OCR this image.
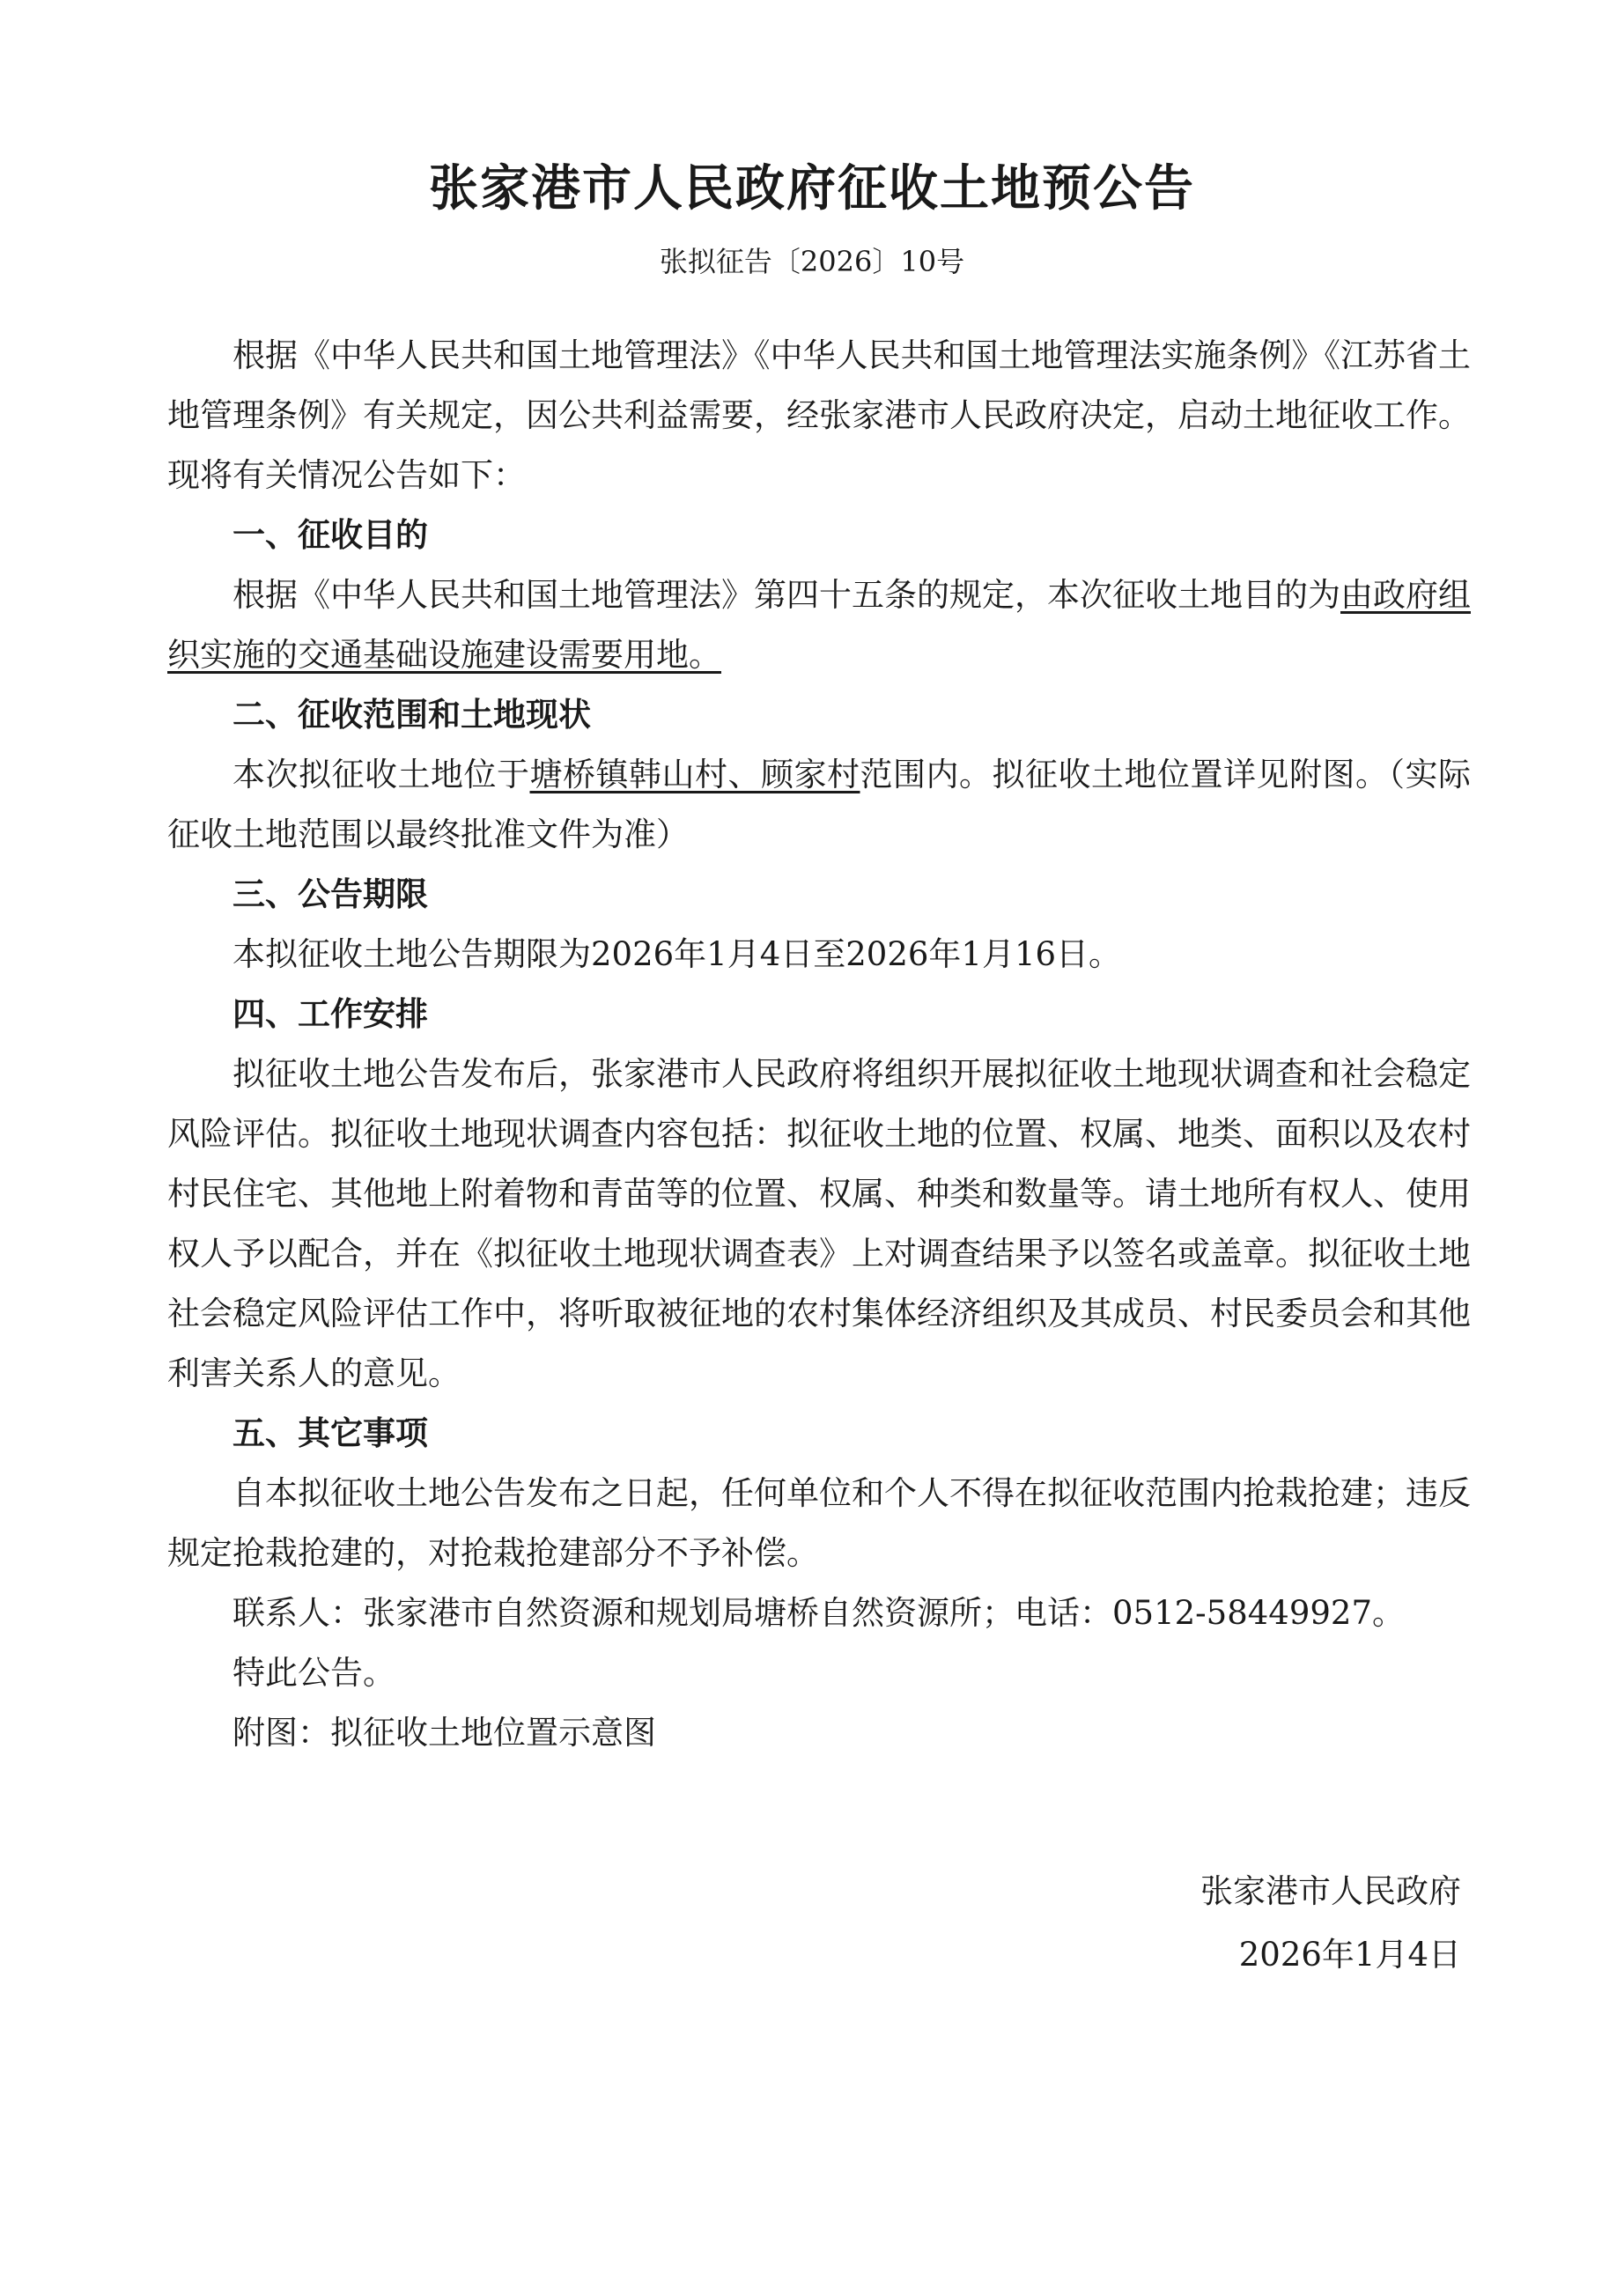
张家港市人民政府征收土地预公告
张拟征告〔2026〕10号

根据《中华人民共和国土地管理法》《中华人民共和国土地管理法实施条例》《江苏省土地管理条例》有关规定，因公共利益需要，经张家港市人民政府决定，启动土地征收工作。现将有关情况公告如下：

一、征收目的

根据《中华人民共和国土地管理法》第四十五条的规定，本次征收土地目的为由政府组织实施的交通基础设施建设需要用地。

二、征收范围和土地现状

本次拟征收土地位于塘桥镇韩山村、顾家村范围内。拟征收土地位置详见附图。（实际征收土地范围以最终批准文件为准）

三、公告期限

本拟征收土地公告期限为2026年1月4日至2026年1月16日。

四、工作安排

拟征收土地公告发布后，张家港市人民政府将组织开展拟征收土地现状调查和社会稳定风险评估。拟征收土地现状调查内容包括：拟征收土地的位置、权属、地类、面积以及农村村民住宅、其他地上附着物和青苗等的位置、权属、种类和数量等。请土地所有权人、使用权人予以配合，并在《拟征收土地现状调查表》上对调查结果予以签名或盖章。拟征收土地社会稳定风险评估工作中，将听取被征地的农村集体经济组织及其成员、村民委员会和其他利害关系人的意见。

五、其它事项

自本拟征收土地公告发布之日起，任何单位和个人不得在拟征收范围内抢栽抢建；违反规定抢栽抢建的，对抢栽抢建部分不予补偿。

联系人：张家港市自然资源和规划局塘桥自然资源所；电话：0512-58449927。

特此公告。

附图：拟征收土地位置示意图

张家港市人民政府
2026年1月4日
